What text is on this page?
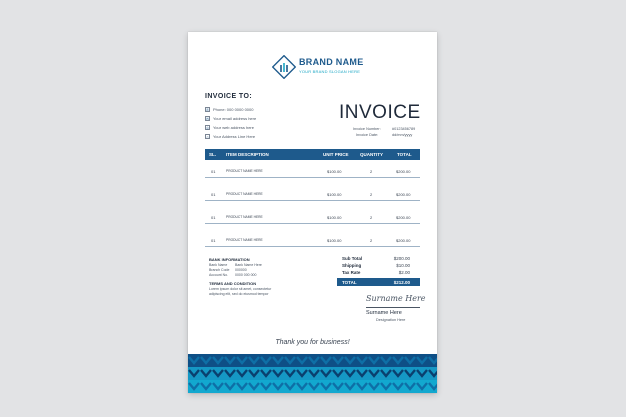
BRAND NAME
YOUR BRAND SLOGAN HERE
INVOICE TO:
✆ Phone: 000 0000 0000
✉ Your email address here
◎ Your web address here
⌂	Your Address Line Here
INVOICE
Invoice Number:	#0123456789
Invoice Date:	dd/mm/yyyy
SL. ITEM DESCRIPTION	UNIT PRICE	QUANTITY	TOTAL
01	PRODUCT NAME HERE	$100.00	2	$200.00
01	PRODUCT NAME HERE	$100.00	2	$200.00
01	PRODUCT NAME HERE	$100.00	2	$200.00
01	PRODUCT NAME HERE	$100.00	2	$200.00
BANK INFORMATION
Bank Name Bank Name Here
Branch Code 000000
Account No. 0000 000 000
TERMS AND CONDITION
Lorem ipsum dolor sit amet, consectetur
adipiscing elit, sed do eiusmod tempor
Sub Total	$200.00
Shipping	$10.00
Tax Rate	$2.00
TOTAL	$212.00
Surname Here
Surname Here
Designation Here
Thank you for business!
